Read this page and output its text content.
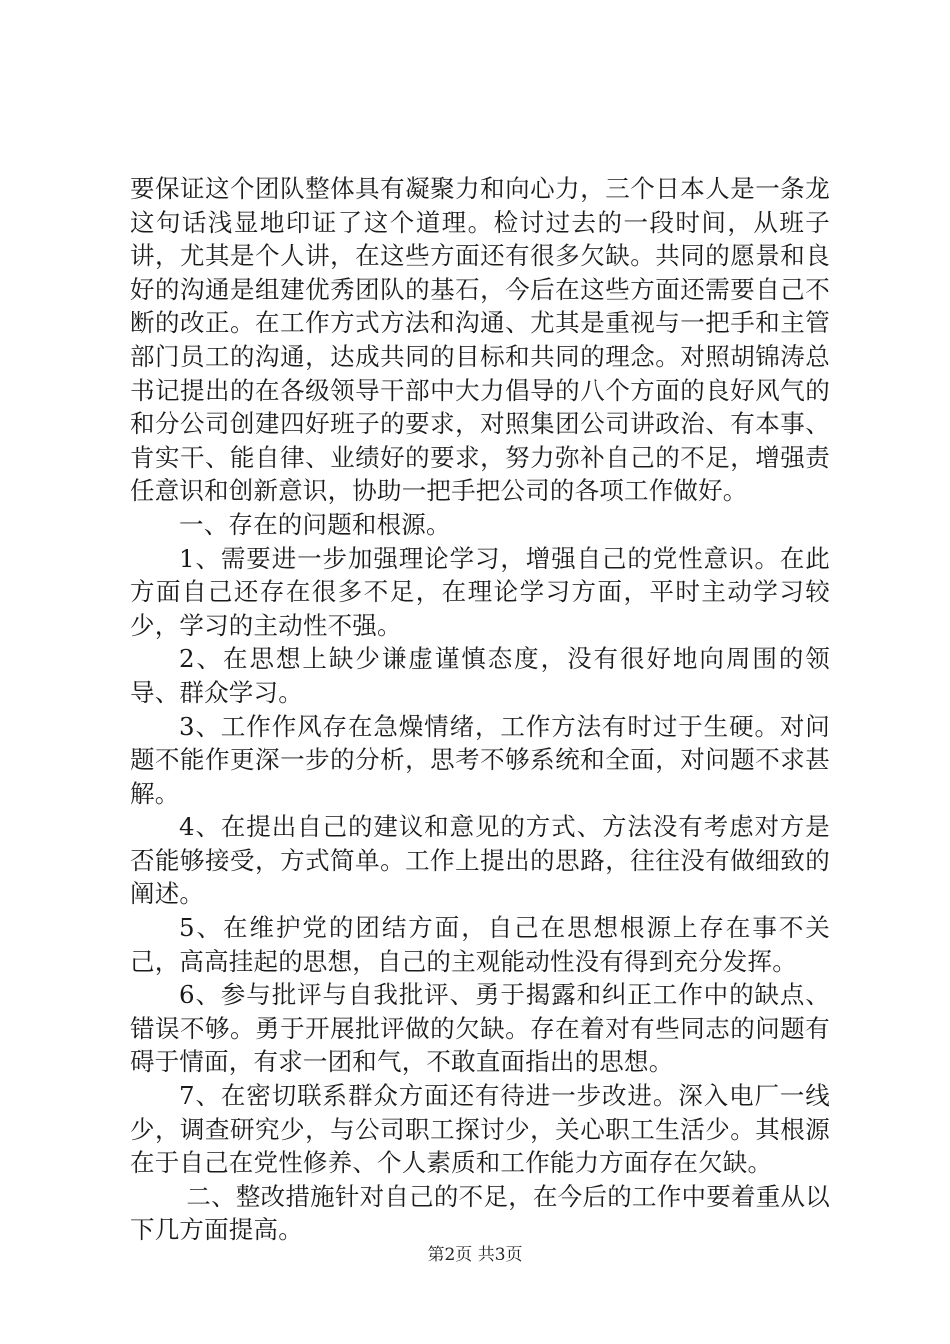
要保证这个团队整体具有凝聚力和向心力，三个日本人是一条龙这句话浅显地印证了这个道理。检讨过去的一段时间，从班子讲，尤其是个人讲，在这些方面还有很多欠缺。共同的愿景和良好的沟通是组建优秀团队的基石，今后在这些方面还需要自己不断的改正。在工作方式方法和沟通、尤其是重视与一把手和主管部门员工的沟通，达成共同的目标和共同的理念。对照胡锦涛总书记提出的在各级领导干部中大力倡导的八个方面的良好风气的和分公司创建四好班子的要求，对照集团公司讲政治、有本事、肯实干、能自律、业绩好的要求，努力弥补自己的不足，增强责任意识和创新意识，协助一把手把公司的各项工作做好。

一、存在的问题和根源。

1、需要进一步加强理论学习，增强自己的党性意识。在此方面自己还存在很多不足，在理论学习方面，平时主动学习较少，学习的主动性不强。

2、在思想上缺少谦虚谨慎态度，没有很好地向周围的领导、群众学习。

3、工作作风存在急燥情绪，工作方法有时过于生硬。对问题不能作更深一步的分析，思考不够系统和全面，对问题不求甚解。

4、在提出自己的建议和意见的方式、方法没有考虑对方是否能够接受，方式简单。工作上提出的思路，往往没有做细致的阐述。

5、在维护党的团结方面，自己在思想根源上存在事不关己，高高挂起的思想，自己的主观能动性没有得到充分发挥。

6、参与批评与自我批评、勇于揭露和纠正工作中的缺点、错误不够。勇于开展批评做的欠缺。存在着对有些同志的问题有碍于情面，有求一团和气，不敢直面指出的思想。

7、在密切联系群众方面还有待进一步改进。深入电厂一线少，调查研究少，与公司职工探讨少，关心职工生活少。其根源在于自己在党性修养、个人素质和工作能力方面存在欠缺。

二、整改措施针对自己的不足，在今后的工作中要着重从以下几方面提高。

第2页 共3页
